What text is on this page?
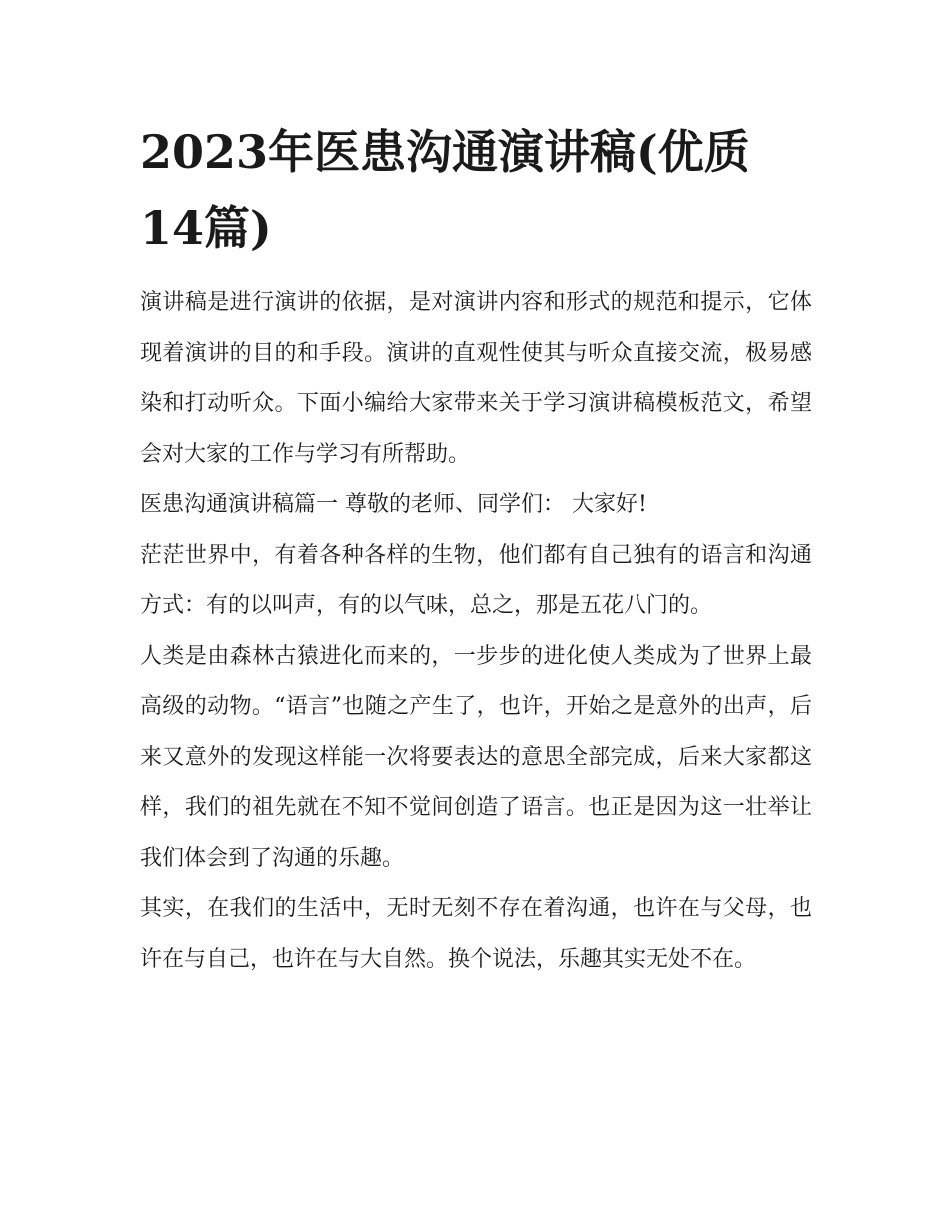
2023年医患沟通演讲稿(优质14篇)

演讲稿是进行演讲的依据，是对演讲内容和形式的规范和提示，它体现着演讲的目的和手段。演讲的直观性使其与听众直接交流，极易感染和打动听众。下面小编给大家带来关于学习演讲稿模板范文，希望会对大家的工作与学习有所帮助。

医患沟通演讲稿篇一 尊敬的老师、同学们： 大家好!

茫茫世界中，有着各种各样的生物，他们都有自己独有的语言和沟通方式：有的以叫声，有的以气味，总之，那是五花八门的。

人类是由森林古猿进化而来的，一步步的进化使人类成为了世界上最高级的动物。“语言”也随之产生了，也许，开始之是意外的出声，后来又意外的发现这样能一次将要表达的意思全部完成，后来大家都这样，我们的祖先就在不知不觉间创造了语言。也正是因为这一壮举让我们体会到了沟通的乐趣。

其实，在我们的生活中，无时无刻不存在着沟通，也许在与父母，也许在与自己，也许在与大自然。换个说法，乐趣其实无处不在。
